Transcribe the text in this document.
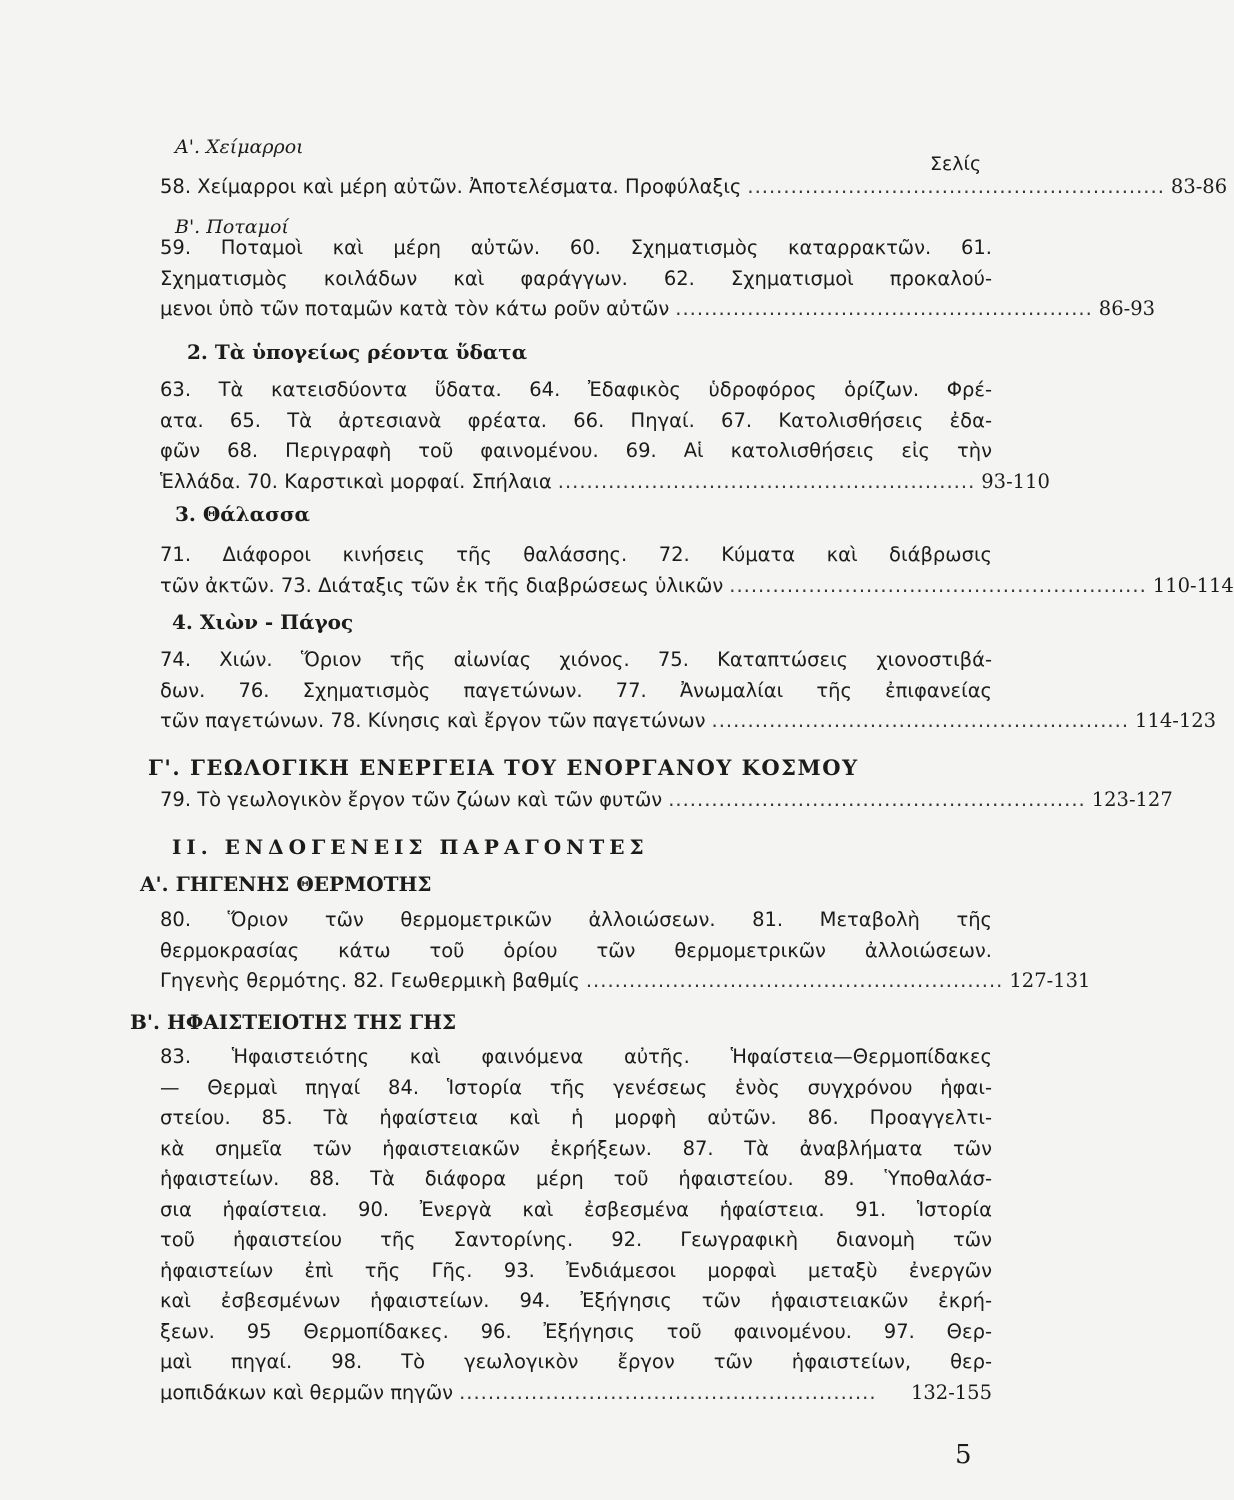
Α'. Χείμαρροι
Σελίς
58. Χείμαρροι καὶ μέρη αὐτῶν. Ἀποτελέσματα. Προφύλαξις .......................................................... 83-86
Β'. Ποταμοί
59. Ποταμοὶ καὶ μέρη αὐτῶν. 60. Σχηματισμὸς καταρρακτῶν. 61.
Σχηματισμὸς κοιλάδων καὶ φαράγγων. 62. Σχηματισμοὶ προκαλού-
μενοι ὑπὸ τῶν ποταμῶν κατὰ τὸν κάτω ροῦν αὐτῶν .......................................................... 86-93
2. Τὰ ὑπογείως ρέοντα ὕδατα
63. Τὰ κατεισδύοντα ὕδατα. 64. Ἐδαφικὸς ὑδροφόρος ὁρίζων. Φρέ-
ατα. 65. Τὰ ἀρτεσιανὰ φρέατα. 66. Πηγαί. 67. Κατολισθήσεις ἐδα-
φῶν 68. Περιγραφὴ τοῦ φαινομένου. 69. Αἱ κατολισθήσεις εἰς τὴν
Ἑλλάδα. 70. Καρστικαὶ μορφαί. Σπήλαια .......................................................... 93-110
3. Θάλασσα
71. Διάφοροι κινήσεις τῆς θαλάσσης. 72. Κύματα καὶ διάβρωσις
τῶν ἀκτῶν. 73. Διάταξις τῶν ἐκ τῆς διαβρώσεως ὑλικῶν .......................................................... 110-114
4. Χιὼν - Πάγος
74. Χιών. Ὅριον τῆς αἰωνίας χιόνος. 75. Καταπτώσεις χιονοστιβά-
δων. 76. Σχηματισμὸς παγετώνων. 77. Ἀνωμαλίαι τῆς ἐπιφανείας
τῶν παγετώνων. 78. Κίνησις καὶ ἔργον τῶν παγετώνων .......................................................... 114-123
Γ'. ΓΕΩΛΟΓΙΚΗ ΕΝΕΡΓΕΙΑ ΤΟΥ ΕΝΟΡΓΑΝΟΥ ΚΟΣΜΟΥ
79. Τὸ γεωλογικὸν ἔργον τῶν ζώων καὶ τῶν φυτῶν .......................................................... 123-127
ΙΙ. ΕΝΔΟΓΕΝΕΙΣ ΠΑΡΑΓΟΝΤΕΣ
Α'. ΓΗΓΕΝΗΣ ΘΕΡΜΟΤΗΣ
80. Ὅριον τῶν θερμομετρικῶν ἀλλοιώσεων. 81. Μεταβολὴ τῆς
θερμοκρασίας κάτω τοῦ ὁρίου τῶν θερμομετρικῶν ἀλλοιώσεων.
Γηγενὴς θερμότης. 82. Γεωθερμικὴ βαθμίς .......................................................... 127-131
Β'. ΗΦΑΙΣΤΕΙΟΤΗΣ ΤΗΣ ΓΗΣ
83. Ἡφαιστειότης καὶ φαινόμενα αὐτῆς. Ἡφαίστεια—Θερμοπίδακες
— Θερμαὶ πηγαί 84. Ἱστορία τῆς γενέσεως ἑνὸς συγχρόνου ἡφαι-
στείου. 85. Τὰ ἡφαίστεια καὶ ἡ μορφὴ αὐτῶν. 86. Προαγγελτι-
κὰ σημεῖα τῶν ἡφαιστειακῶν ἐκρήξεων. 87. Τὰ ἀναβλήματα τῶν
ἡφαιστείων. 88. Τὰ διάφορα μέρη τοῦ ἡφαιστείου. 89. Ὑποθαλάσ-
σια ἡφαίστεια. 90. Ἐνεργὰ καὶ ἐσβεσμένα ἡφαίστεια. 91. Ἱστορία
τοῦ ἡφαιστείου τῆς Σαντορίνης. 92. Γεωγραφικὴ διανομὴ τῶν
ἡφαιστείων ἐπὶ τῆς Γῆς. 93. Ἐνδιάμεσοι μορφαὶ μεταξὺ ἐνεργῶν
καὶ ἐσβεσμένων ἡφαιστείων. 94. Ἐξήγησις τῶν ἡφαιστειακῶν ἐκρή-
ξεων. 95 Θερμοπίδακες. 96. Ἐξήγησις τοῦ φαινομένου. 97. Θερ-
μαὶ πηγαί. 98. Τὸ γεωλογικὸν ἔργον τῶν ἡφαιστείων, θερ-
μοπιδάκων καὶ θερμῶν πηγῶν ..........................................................	132-155
5
